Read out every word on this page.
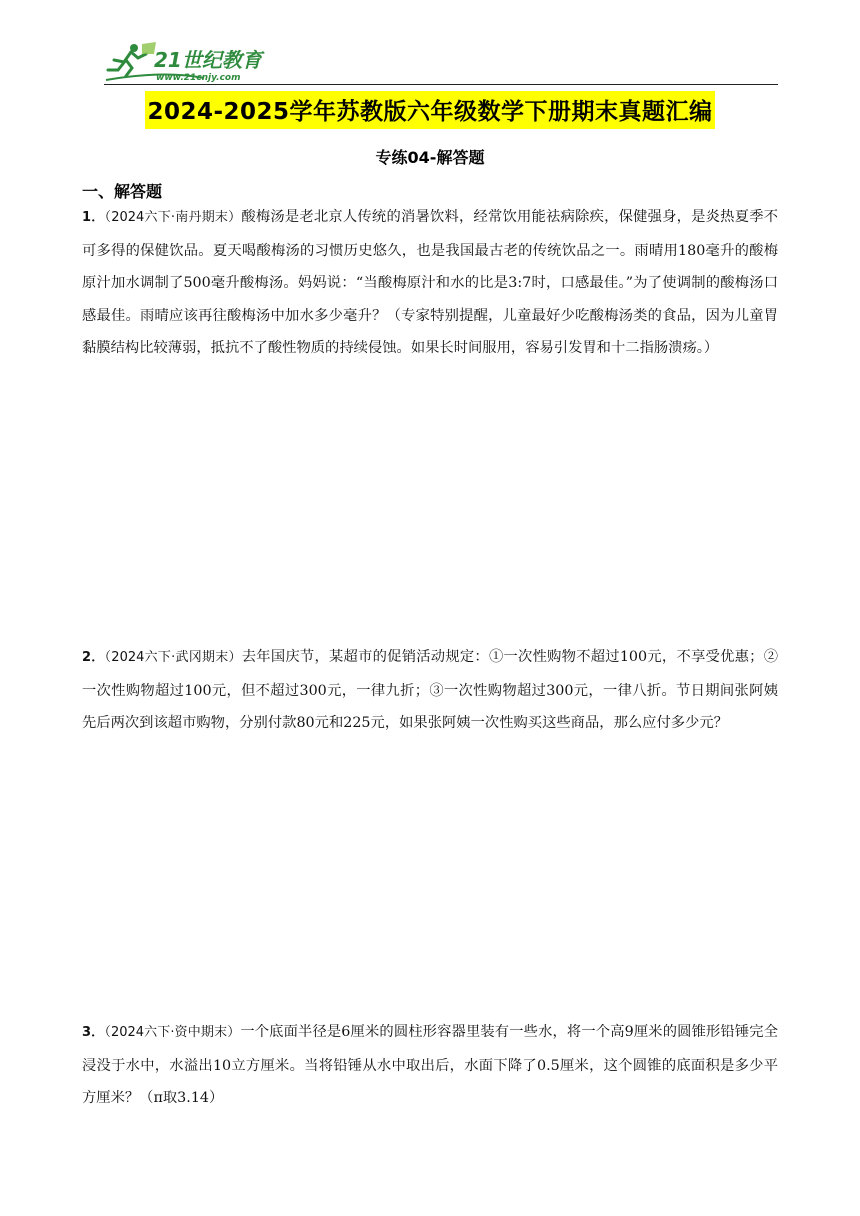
21世纪教育
www.21cnjy.com
2024-2025学年苏教版六年级数学下册期末真题汇编
专练04-解答题
一、解答题
1．（2024六下·南丹期末）酸梅汤是老北京人传统的消暑饮料，经常饮用能祛病除疾，保健强身，是炎热夏季不可多得的保健饮品。夏天喝酸梅汤的习惯历史悠久，也是我国最古老的传统饮品之一。雨晴用180毫升的酸梅原汁加水调制了500毫升酸梅汤。妈妈说：“当酸梅原汁和水的比是3:7时，口感最佳。”为了使调制的酸梅汤口感最佳。雨晴应该再往酸梅汤中加水多少毫升？（专家特别提醒，儿童最好少吃酸梅汤类的食品，因为儿童胃黏膜结构比较薄弱，抵抗不了酸性物质的持续侵蚀。如果长时间服用，容易引发胃和十二指肠溃疡。）
2．（2024六下·武冈期末）去年国庆节，某超市的促销活动规定：①一次性购物不超过100元，不享受优惠；②一次性购物超过100元，但不超过300元，一律九折；③一次性购物超过300元，一律八折。节日期间张阿姨先后两次到该超市购物，分别付款80元和225元，如果张阿姨一次性购买这些商品，那么应付多少元？
3．（2024六下·资中期末）一个底面半径是6厘米的圆柱形容器里装有一些水，将一个高9厘米的圆锥形铅锤完全浸没于水中，水溢出10立方厘米。当将铅锤从水中取出后，水面下降了0.5厘米，这个圆锥的底面积是多少平方厘米？（π取3.14）
